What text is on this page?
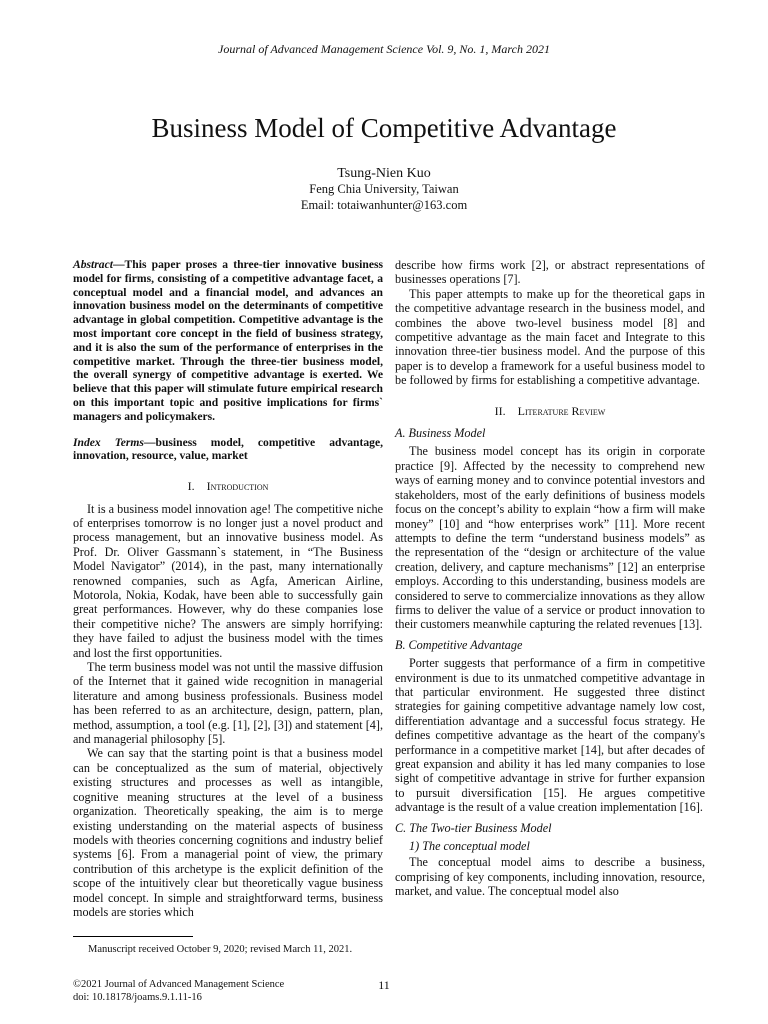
Journal of Advanced Management Science Vol. 9, No. 1, March 2021
Business Model of Competitive Advantage
Tsung-Nien Kuo
Feng Chia University, Taiwan
Email: totaiwanhunter@163.com

Abstract—This paper proses a three-tier innovative business model for firms, consisting of a competitive advantage facet, a conceptual model and a financial model, and advances an innovation business model on the determinants of competitive advantage in global competition. Competitive advantage is the most important core concept in the field of business strategy, and it is also the sum of the performance of enterprises in the competitive market. Through the three-tier business model, the overall synergy of competitive advantage is exerted. We believe that this paper will stimulate future empirical research on this important topic and positive implications for firms` managers and policymakers.

Index Terms—business model, competitive advantage, innovation, resource, value, market

I. Introduction

It is a business model innovation age! The competitive niche of enterprises tomorrow is no longer just a novel product and process management, but an innovative business model. As Prof. Dr. Oliver Gassmann`s statement, in “The Business Model Navigator” (2014), in the past, many internationally renowned companies, such as Agfa, American Airline, Motorola, Nokia, Kodak, have been able to successfully gain great performances. However, why do these companies lose their competitive niche? The answers are simply horrifying: they have failed to adjust the business model with the times and lost the first opportunities.

The term business model was not until the massive diffusion of the Internet that it gained wide recognition in managerial literature and among business professionals. Business model has been referred to as an architecture, design, pattern, plan, method, assumption, a tool (e.g. [1], [2], [3]) and statement [4], and managerial philosophy [5].

We can say that the starting point is that a business model can be conceptualized as the sum of material, objectively existing structures and processes as well as intangible, cognitive meaning structures at the level of a business organization. Theoretically speaking, the aim is to merge existing understanding on the material aspects of business models with theories concerning cognitions and industry belief systems [6]. From a managerial point of view, the primary contribution of this archetype is the explicit definition of the scope of the intuitively clear but theoretically vague business model concept. In simple and straightforward terms, business models are stories which

describe how firms work [2], or abstract representations of businesses operations [7].

This paper attempts to make up for the theoretical gaps in the competitive advantage research in the business model, and combines the above two-level business model [8] and competitive advantage as the main facet and Integrate to this innovation three-tier business model. And the purpose of this paper is to develop a framework for a useful business model to be followed by firms for establishing a competitive advantage.

II. Literature Review
A. Business Model

The business model concept has its origin in corporate practice [9]. Affected by the necessity to comprehend new ways of earning money and to convince potential investors and stakeholders, most of the early definitions of business models focus on the concept’s ability to explain “how a firm will make money” [10] and “how enterprises work” [11]. More recent attempts to define the term “understand business models” as the representation of the “design or architecture of the value creation, delivery, and capture mechanisms” [12] an enterprise employs. According to this understanding, business models are considered to serve to commercialize innovations as they allow firms to deliver the value of a service or product innovation to their customers meanwhile capturing the related revenues [13].

B. Competitive Advantage

Porter suggests that performance of a firm in competitive environment is due to its unmatched competitive advantage in that particular environment. He suggested three distinct strategies for gaining competitive advantage namely low cost, differentiation advantage and a successful focus strategy. He defines competitive advantage as the heart of the company's performance in a competitive market [14], but after decades of great expansion and ability it has led many companies to lose sight of competitive advantage in strive for further expansion to pursuit diversification [15]. He argues competitive advantage is the result of a value creation implementation [16].

C. The Two-tier Business Model
1) The conceptual model

The conceptual model aims to describe a business, comprising of key components, including innovation, resource, market, and value. The conceptual model also

Manuscript received October 9, 2020; revised March 11, 2021.
©2021 Journal of Advanced Management Science
doi: 10.18178/joams.9.1.11-16
11
